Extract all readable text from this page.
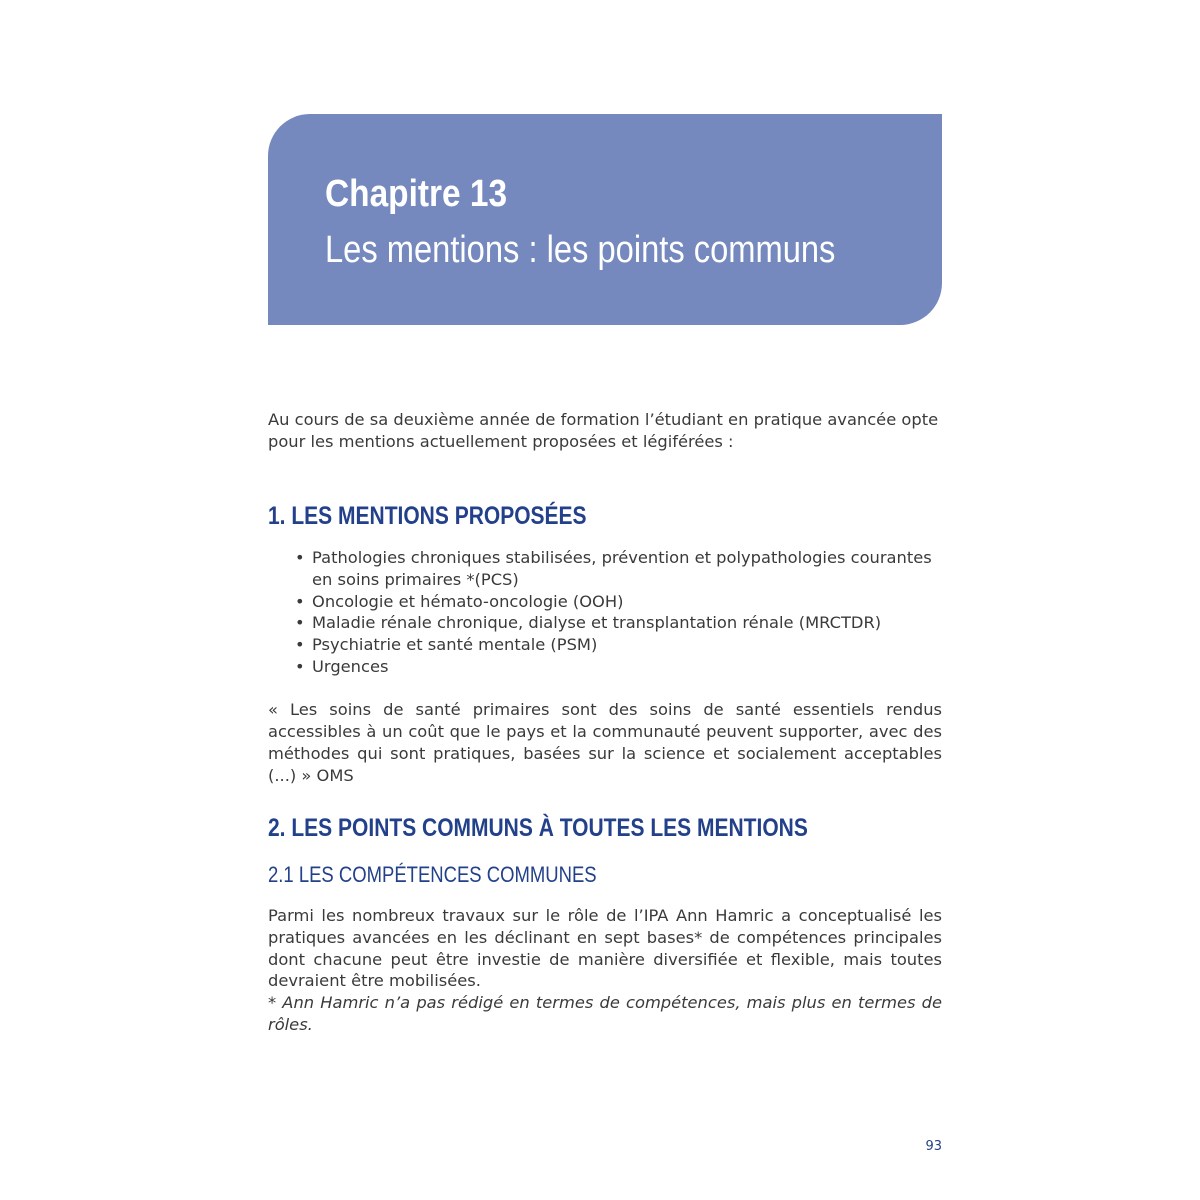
Chapitre 13
Les mentions : les points communs

Au cours de sa deuxième année de formation l’étudiant en pratique avancée opte pour les mentions actuellement proposées et légiférées :

1. LES MENTIONS PROPOSÉES
• Pathologies chroniques stabilisées, prévention et polypathologies courantes en soins primaires *(PCS)
• Oncologie et hémato-oncologie (OOH)
• Maladie rénale chronique, dialyse et transplantation rénale (MRCTDR)
• Psychiatrie et santé mentale (PSM)
• Urgences

« Les soins de santé primaires sont des soins de santé essentiels rendus accessibles à un coût que le pays et la communauté peuvent supporter, avec des méthodes qui sont pratiques, basées sur la science et socialement acceptables (...) » OMS

2. LES POINTS COMMUNS À TOUTES LES MENTIONS
2.1 LES COMPÉTENCES COMMUNES
Parmi les nombreux travaux sur le rôle de l’IPA Ann Hamric a conceptualisé les pratiques avancées en les déclinant en sept bases* de compétences principales dont chacune peut être investie de manière diversifiée et flexible, mais toutes devraient être mobilisées.
* Ann Hamric n’a pas rédigé en termes de compétences, mais plus en termes de rôles.
93
